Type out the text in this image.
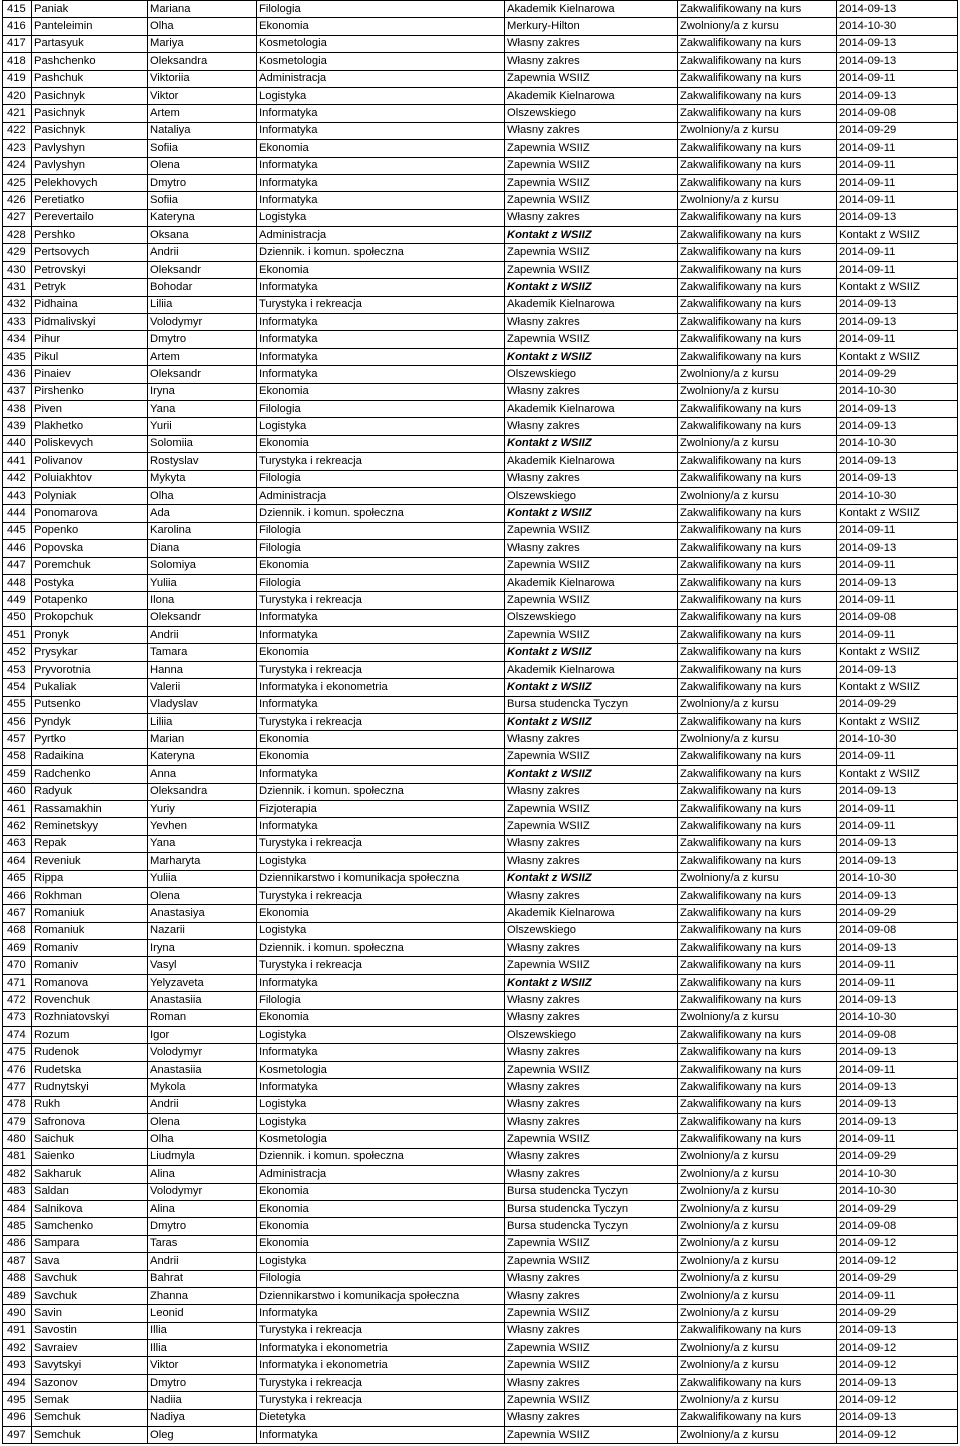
415	Paniak	Mariana	Filologia	Akademik Kielnarowa	Zakwalifikowany na kurs	2014-09-13
416	Panteleimin	Olha	Ekonomia	Merkury-Hilton	Zwolniony/a z kursu	2014-10-30
417	Partasyuk	Mariya	Kosmetologia	Własny zakres	Zakwalifikowany na kurs	2014-09-13
418	Pashchenko	Oleksandra	Kosmetologia	Własny zakres	Zakwalifikowany na kurs	2014-09-13
419	Pashchuk	Viktoriia	Administracja	Zapewnia WSIIZ	Zakwalifikowany na kurs	2014-09-11
420	Pasichnyk	Viktor	Logistyka	Akademik Kielnarowa	Zakwalifikowany na kurs	2014-09-13
421	Pasichnyk	Artem	Informatyka	Olszewskiego	Zakwalifikowany na kurs	2014-09-08
422	Pasichnyk	Nataliya	Informatyka	Własny zakres	Zwolniony/a z kursu	2014-09-29
423	Pavlyshyn	Sofiia	Ekonomia	Zapewnia WSIIZ	Zakwalifikowany na kurs	2014-09-11
424	Pavlyshyn	Olena	Informatyka	Zapewnia WSIIZ	Zakwalifikowany na kurs	2014-09-11
425	Pelekhovych	Dmytro	Informatyka	Zapewnia WSIIZ	Zakwalifikowany na kurs	2014-09-11
426	Peretiatko	Sofiia	Informatyka	Zapewnia WSIIZ	Zwolniony/a z kursu	2014-09-11
427	Perevertailo	Kateryna	Logistyka	Własny zakres	Zakwalifikowany na kurs	2014-09-13
428	Pershko	Oksana	Administracja	Kontakt z WSIIZ	Zakwalifikowany na kurs	Kontakt z WSIIZ
429	Pertsovych	Andrii	Dziennik. i komun. społeczna	Zapewnia WSIIZ	Zakwalifikowany na kurs	2014-09-11
430	Petrovskyi	Oleksandr	Ekonomia	Zapewnia WSIIZ	Zakwalifikowany na kurs	2014-09-11
431	Petryk	Bohodar	Informatyka	Kontakt z WSIIZ	Zakwalifikowany na kurs	Kontakt z WSIIZ
432	Pidhaina	Liliia	Turystyka i rekreacja	Akademik Kielnarowa	Zakwalifikowany na kurs	2014-09-13
433	Pidmalivskyi	Volodymyr	Informatyka	Własny zakres	Zakwalifikowany na kurs	2014-09-13
434	Pihur	Dmytro	Informatyka	Zapewnia WSIIZ	Zakwalifikowany na kurs	2014-09-11
435	Pikul	Artem	Informatyka	Kontakt z WSIIZ	Zakwalifikowany na kurs	Kontakt z WSIIZ
436	Pinaiev	Oleksandr	Informatyka	Olszewskiego	Zwolniony/a z kursu	2014-09-29
437	Pirshenko	Iryna	Ekonomia	Własny zakres	Zwolniony/a z kursu	2014-10-30
438	Piven	Yana	Filologia	Akademik Kielnarowa	Zakwalifikowany na kurs	2014-09-13
439	Plakhetko	Yurii	Logistyka	Własny zakres	Zakwalifikowany na kurs	2014-09-13
440	Poliskevych	Solomiia	Ekonomia	Kontakt z WSIIZ	Zwolniony/a z kursu	2014-10-30
441	Polivanov	Rostyslav	Turystyka i rekreacja	Akademik Kielnarowa	Zakwalifikowany na kurs	2014-09-13
442	Poluiakhtov	Mykyta	Filologia	Własny zakres	Zakwalifikowany na kurs	2014-09-13
443	Polyniak	Olha	Administracja	Olszewskiego	Zwolniony/a z kursu	2014-10-30
444	Ponomarova	Ada	Dziennik. i komun. społeczna	Kontakt z WSIIZ	Zakwalifikowany na kurs	Kontakt z WSIIZ
445	Popenko	Karolina	Filologia	Zapewnia WSIIZ	Zakwalifikowany na kurs	2014-09-11
446	Popovska	Diana	Filologia	Własny zakres	Zakwalifikowany na kurs	2014-09-13
447	Poremchuk	Solomiya	Ekonomia	Zapewnia WSIIZ	Zakwalifikowany na kurs	2014-09-11
448	Postyka	Yuliia	Filologia	Akademik Kielnarowa	Zakwalifikowany na kurs	2014-09-13
449	Potapenko	Ilona	Turystyka i rekreacja	Zapewnia WSIIZ	Zakwalifikowany na kurs	2014-09-11
450	Prokopchuk	Oleksandr	Informatyka	Olszewskiego	Zakwalifikowany na kurs	2014-09-08
451	Pronyk	Andrii	Informatyka	Zapewnia WSIIZ	Zakwalifikowany na kurs	2014-09-11
452	Prysykar	Tamara	Ekonomia	Kontakt z WSIIZ	Zakwalifikowany na kurs	Kontakt z WSIIZ
453	Pryvorotnia	Hanna	Turystyka i rekreacja	Akademik Kielnarowa	Zakwalifikowany na kurs	2014-09-13
454	Pukaliak	Valerii	Informatyka i ekonometria	Kontakt z WSIIZ	Zakwalifikowany na kurs	Kontakt z WSIIZ
455	Putsenko	Vladyslav	Informatyka	Bursa studencka Tyczyn	Zwolniony/a z kursu	2014-09-29
456	Pyndyk	Liliia	Turystyka i rekreacja	Kontakt z WSIIZ	Zakwalifikowany na kurs	Kontakt z WSIIZ
457	Pyrtko	Marian	Ekonomia	Własny zakres	Zwolniony/a z kursu	2014-10-30
458	Radaikina	Kateryna	Ekonomia	Zapewnia WSIIZ	Zakwalifikowany na kurs	2014-09-11
459	Radchenko	Anna	Informatyka	Kontakt z WSIIZ	Zakwalifikowany na kurs	Kontakt z WSIIZ
460	Radyuk	Oleksandra	Dziennik. i komun. społeczna	Własny zakres	Zakwalifikowany na kurs	2014-09-13
461	Rassamakhin	Yuriy	Fizjoterapia	Zapewnia WSIIZ	Zakwalifikowany na kurs	2014-09-11
462	Reminetskyy	Yevhen	Informatyka	Zapewnia WSIIZ	Zakwalifikowany na kurs	2014-09-11
463	Repak	Yana	Turystyka i rekreacja	Własny zakres	Zakwalifikowany na kurs	2014-09-13
464	Reveniuk	Marharyta	Logistyka	Własny zakres	Zakwalifikowany na kurs	2014-09-13
465	Rippa	Yuliia	Dziennikarstwo i komunikacja społeczna	Kontakt z WSIIZ	Zwolniony/a z kursu	2014-10-30
466	Rokhman	Olena	Turystyka i rekreacja	Własny zakres	Zakwalifikowany na kurs	2014-09-13
467	Romaniuk	Anastasiya	Ekonomia	Akademik Kielnarowa	Zakwalifikowany na kurs	2014-09-29
468	Romaniuk	Nazarii	Logistyka	Olszewskiego	Zakwalifikowany na kurs	2014-09-08
469	Romaniv	Iryna	Dziennik. i komun. społeczna	Własny zakres	Zakwalifikowany na kurs	2014-09-13
470	Romaniv	Vasyl	Turystyka i rekreacja	Zapewnia WSIIZ	Zakwalifikowany na kurs	2014-09-11
471	Romanova	Yelyzaveta	Informatyka	Kontakt z WSIIZ	Zakwalifikowany na kurs	2014-09-11
472	Rovenchuk	Anastasiia	Filologia	Własny zakres	Zakwalifikowany na kurs	2014-09-13
473	Rozhniatovskyi	Roman	Ekonomia	Własny zakres	Zwolniony/a z kursu	2014-10-30
474	Rozum	Igor	Logistyka	Olszewskiego	Zakwalifikowany na kurs	2014-09-08
475	Rudenok	Volodymyr	Informatyka	Własny zakres	Zakwalifikowany na kurs	2014-09-13
476	Rudetska	Anastasiia	Kosmetologia	Zapewnia WSIIZ	Zakwalifikowany na kurs	2014-09-11
477	Rudnytskyi	Mykola	Informatyka	Własny zakres	Zakwalifikowany na kurs	2014-09-13
478	Rukh	Andrii	Logistyka	Własny zakres	Zakwalifikowany na kurs	2014-09-13
479	Safronova	Olena	Logistyka	Własny zakres	Zakwalifikowany na kurs	2014-09-13
480	Saichuk	Olha	Kosmetologia	Zapewnia WSIIZ	Zakwalifikowany na kurs	2014-09-11
481	Saienko	Liudmyla	Dziennik. i komun. społeczna	Własny zakres	Zwolniony/a z kursu	2014-09-29
482	Sakharuk	Alina	Administracja	Własny zakres	Zwolniony/a z kursu	2014-10-30
483	Saldan	Volodymyr	Ekonomia	Bursa studencka Tyczyn	Zwolniony/a z kursu	2014-10-30
484	Salnikova	Alina	Ekonomia	Bursa studencka Tyczyn	Zwolniony/a z kursu	2014-09-29
485	Samchenko	Dmytro	Ekonomia	Bursa studencka Tyczyn	Zwolniony/a z kursu	2014-09-08
486	Sampara	Taras	Ekonomia	Zapewnia WSIIZ	Zwolniony/a z kursu	2014-09-12
487	Sava	Andrii	Logistyka	Zapewnia WSIIZ	Zwolniony/a z kursu	2014-09-12
488	Savchuk	Bahrat	Filologia	Własny zakres	Zwolniony/a z kursu	2014-09-29
489	Savchuk	Zhanna	Dziennikarstwo i komunikacja społeczna	Własny zakres	Zwolniony/a z kursu	2014-09-11
490	Savin	Leonid	Informatyka	Zapewnia WSIIZ	Zwolniony/a z kursu	2014-09-29
491	Savostin	Illia	Turystyka i rekreacja	Własny zakres	Zakwalifikowany na kurs	2014-09-13
492	Savraiev	Illia	Informatyka i ekonometria	Zapewnia WSIIZ	Zwolniony/a z kursu	2014-09-12
493	Savytskyi	Viktor	Informatyka i ekonometria	Zapewnia WSIIZ	Zwolniony/a z kursu	2014-09-12
494	Sazonov	Dmytro	Turystyka i rekreacja	Własny zakres	Zakwalifikowany na kurs	2014-09-13
495	Semak	Nadiia	Turystyka i rekreacja	Zapewnia WSIIZ	Zwolniony/a z kursu	2014-09-12
496	Semchuk	Nadiya	Dietetyka	Własny zakres	Zakwalifikowany na kurs	2014-09-13
497	Semchuk	Oleg	Informatyka	Zapewnia WSIIZ	Zwolniony/a z kursu	2014-09-12
